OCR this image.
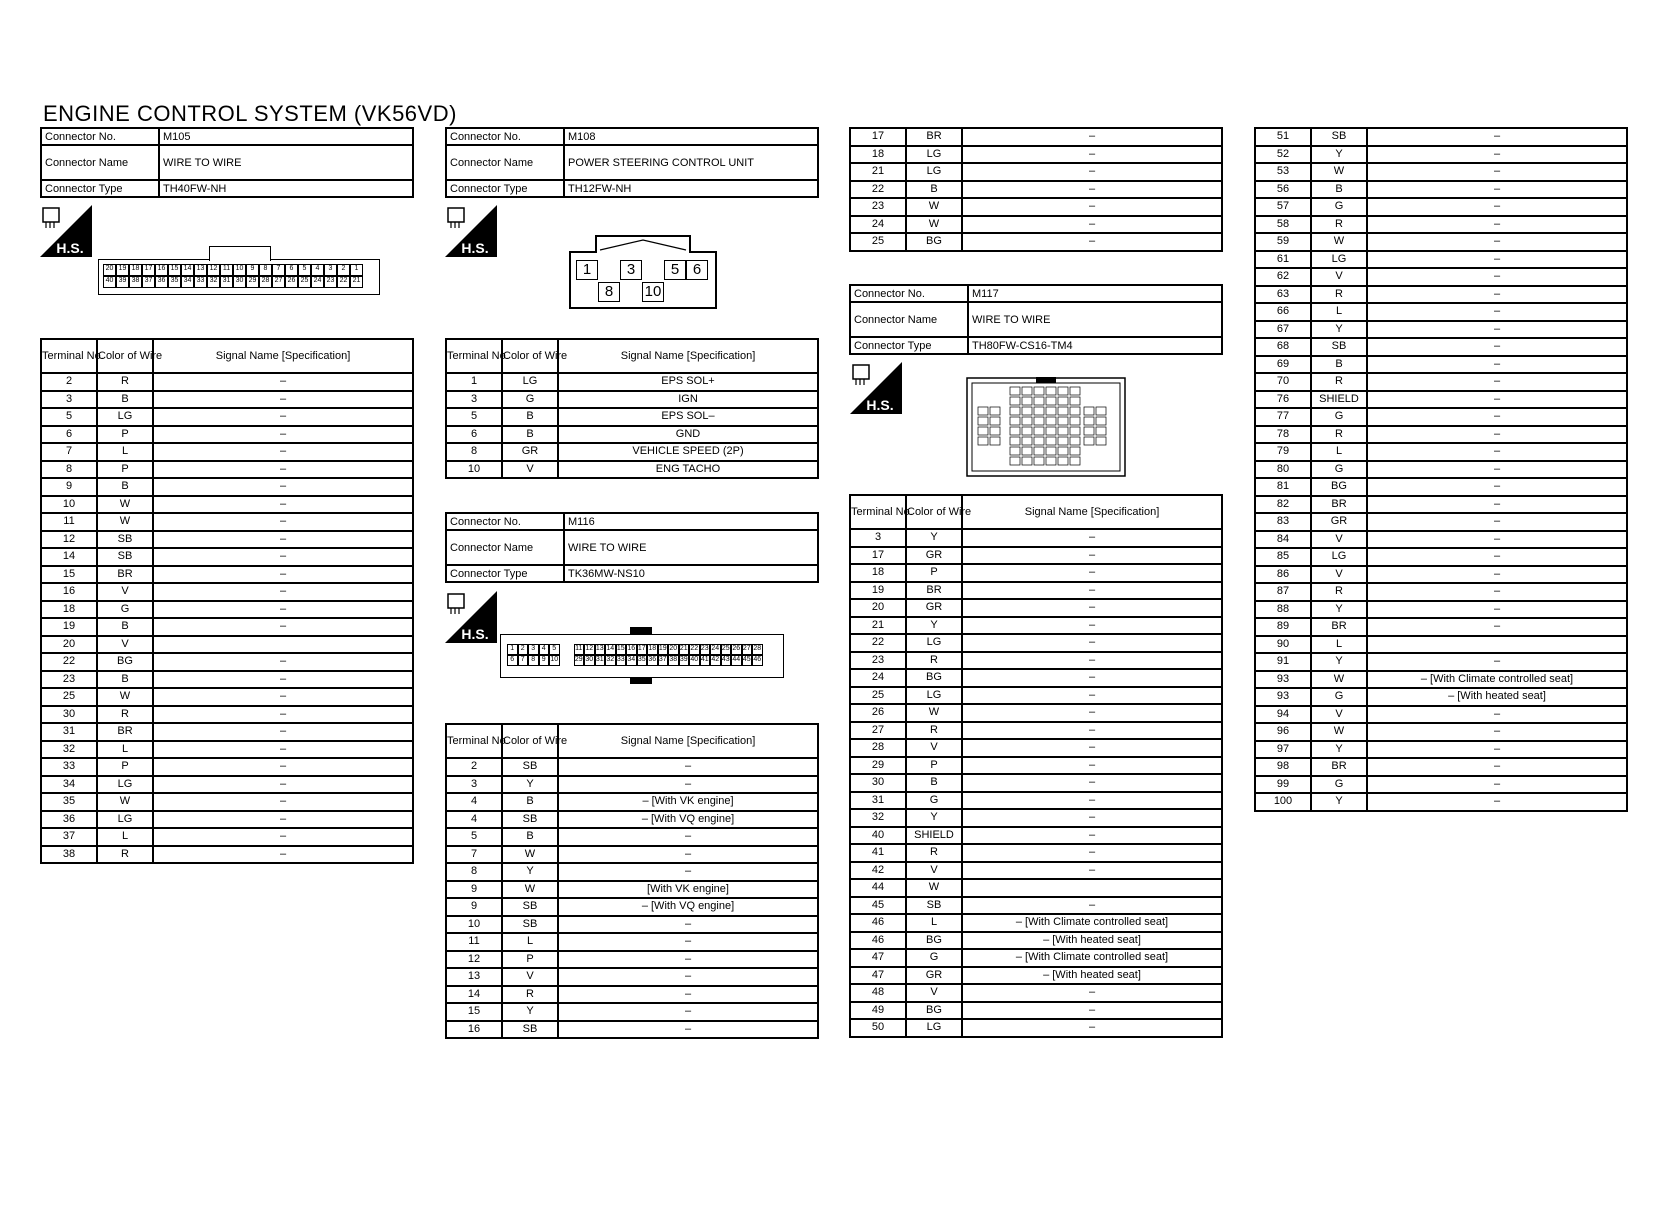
ENGINE CONTROL SYSTEM (VK56VD)
Connector No.	M105
Connector Name	WIRE TO WIRE
Connector Type	TH40FW-NH
H.S.
20 19 18 17 16 15 14 13 12 11 10	9	8	7	6	5	4	3	2	1
40 39 38 37 36 35 34 33 32 31 30 29 28 27 26 25 24 23 22 21
Terminal No.	Color of Wire	Signal Name [Specification]
2	R	–
3	B	–
5	LG	–
6	P	–
7	L	–
8	P	–
9	B	–
10	W	–
11	W	–
12	SB	–
14	SB	–
15	BR	–
16	V	–
18	G	–
19	B	–
20	V	
22	BG	–
23	B	–
25	W	–
30	R	–
31	BR	–
32	L	–
33	P	–
34	LG	–
35	W	–
36	LG	–
37	L	–
38	R	–
Connector No.	M108
Connector Name	POWER STEERING CONTROL UNIT
Connector Type	TH12FW-NH
H.S.
1	3	5 6
8	10
Terminal No.	Color of Wire	Signal Name [Specification]
1	LG	EPS SOL+
3	G	IGN
5	B	EPS SOL–
6	B	GND
8	GR	VEHICLE SPEED (2P)
10	V	ENG TACHO
Connector No.	M116
Connector Name	WIRE TO WIRE
Connector Type	TK36MW-NS10
H.S.
1 2 3 4 5	11 12 13 14 15 16 17 18 19 20 21 22 23 24 25 26 27 28
6 7 8 9 10 29 30 31 32 33 34 35 36 37 38 39 40 41 42 43 44 45 46
Terminal No.	Color of Wire	Signal Name [Specification]
2	SB	–
3	Y	–
4	B	– [With VK engine]
4	SB	– [With VQ engine]
5	B	–
7	W	–
8	Y	–
9	W	[With VK engine]
9	SB	– [With VQ engine]
10	SB	–
11	L	–
12	P	–
13	V	–
14	R	–
15	Y	–
16	SB	–
17	BR	–
18	LG	–
21	LG	–
22	B	–
23	W	–
24	W	–
25	BG	–
Connector No.	M117
Connector Name	WIRE TO WIRE
Connector Type	TH80FW-CS16-TM4
H.S.
Terminal No.	Color of Wire	Signal Name [Specification]
3	Y	–
17	GR	–
18	P	–
19	BR	–
20	GR	–
21	Y	–
22	LG	–
23	R	–
24	BG	–
25	LG	–
26	W	–
27	R	–
28	V	–
29	P	–
30	B	–
31	G	–
32	Y	–
40	SHIELD	–
41	R	–
42	V	–
44	W	
45	SB	–
46	L	– [With Climate controlled seat]
46	BG	– [With heated seat]
47	G	– [With Climate controlled seat]
47	GR	– [With heated seat]
48	V	–
49	BG	–
50	LG	–
51	SB	–
52	Y	–
53	W	–
56	B	–
57	G	–
58	R	–
59	W	–
61	LG	–
62	V	–
63	R	–
66	L	–
67	Y	–
68	SB	–
69	B	–
70	R	–
76	SHIELD	–
77	G	–
78	R	–
79	L	–
80	G	–
81	BG	–
82	BR	–
83	GR	–
84	V	–
85	LG	–
86	V	–
87	R	–
88	Y	–
89	BR	–
90	L	
91	Y	–
93	W	– [With Climate controlled seat]
93	G	– [With heated seat]
94	V	–
96	W	–
97	Y	–
98	BR	–
99	G	–
100	Y	–
